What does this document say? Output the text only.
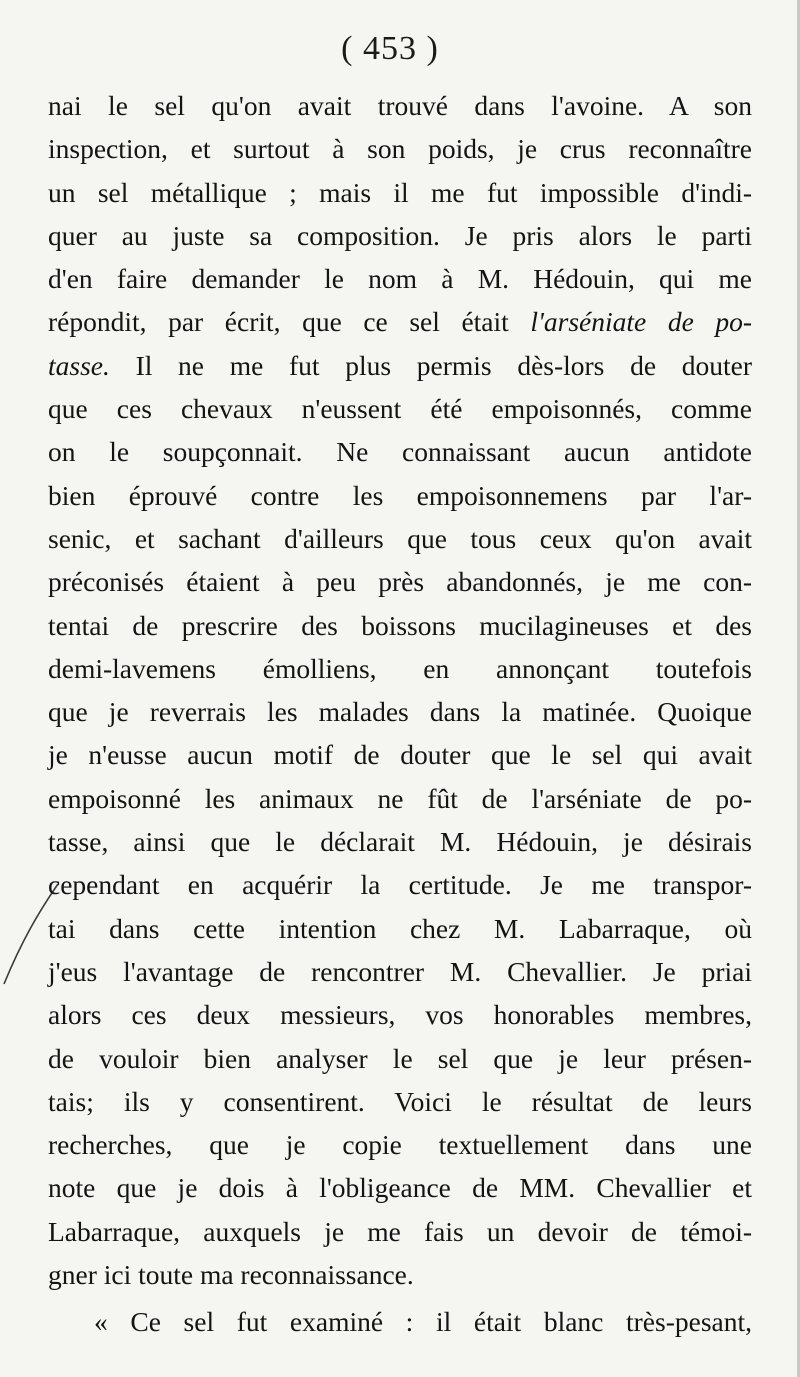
( 453 )
nai le sel qu'on avait trouvé dans l'avoine. A son
inspection, et surtout à son poids, je crus reconnaître
un sel métallique ; mais il me fut impossible d'indi-
quer au juste sa composition. Je pris alors le parti
d'en faire demander le nom à M. Hédouin, qui me
répondit, par écrit, que ce sel était l'arséniate de po-
tasse. Il ne me fut plus permis dès-lors de douter
que ces chevaux n'eussent été empoisonnés, comme
on le soupçonnait. Ne connaissant aucun antidote
bien éprouvé contre les empoisonnemens par l'ar-
senic, et sachant d'ailleurs que tous ceux qu'on avait
préconisés étaient à peu près abandonnés, je me con-
tentai de prescrire des boissons mucilagineuses et des
demi-lavemens émolliens, en annonçant toutefois
que je reverrais les malades dans la matinée. Quoique
je n'eusse aucun motif de douter que le sel qui avait
empoisonné les animaux ne fût de l'arséniate de po-
tasse, ainsi que le déclarait M. Hédouin, je désirais
cependant en acquérir la certitude. Je me transpor-
tai dans cette intention chez M. Labarraque, où
j'eus l'avantage de rencontrer M. Chevallier. Je priai
alors ces deux messieurs, vos honorables membres,
de vouloir bien analyser le sel que je leur présen-
tais; ils y consentirent. Voici le résultat de leurs
recherches, que je copie textuellement dans une
note que je dois à l'obligeance de MM. Chevallier et
Labarraque, auxquels je me fais un devoir de témoi-
gner ici toute ma reconnaissance.
« Ce sel fut examiné : il était blanc très-pesant,
